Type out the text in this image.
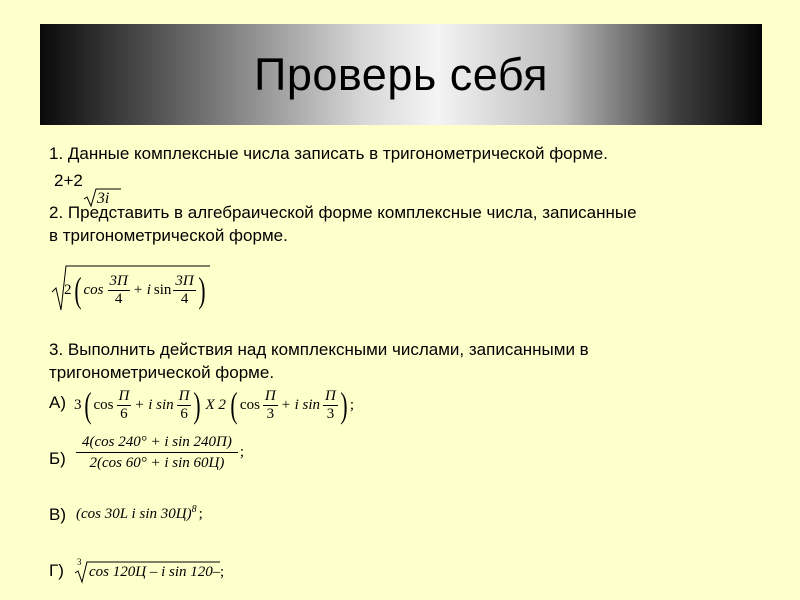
Проверь себя
1. Данные комплексные числа записать в тригонометрической форме.
2+2
3i
2. Представить в алгебраической форме комплексные числа, записанные
в тригонометрической форме.
2 ( $\cos \frac{3П}{4} + i$ $\sin \frac{3П}{4}$ )
3. Выполнить действия над комплексными числами, записанными в
тригонометрической форме.
А) 3 ( $\cos \frac{П}{6} + i$ $\sin \frac{П}{6}$ ) X 2 ( $\cos \frac{П}{3} + i$ $\sin \frac{П}{3}$ ) ;
$Б) \frac{\text{4(cos 240° + i sin 240П)}}{\text{2(cos 60° + i sin 60Ц)}}$ ;
В) (cos 30L i sin 30Ц)$^8$ ;
Г) 3
cos 120Ц – i sin 120– ;
